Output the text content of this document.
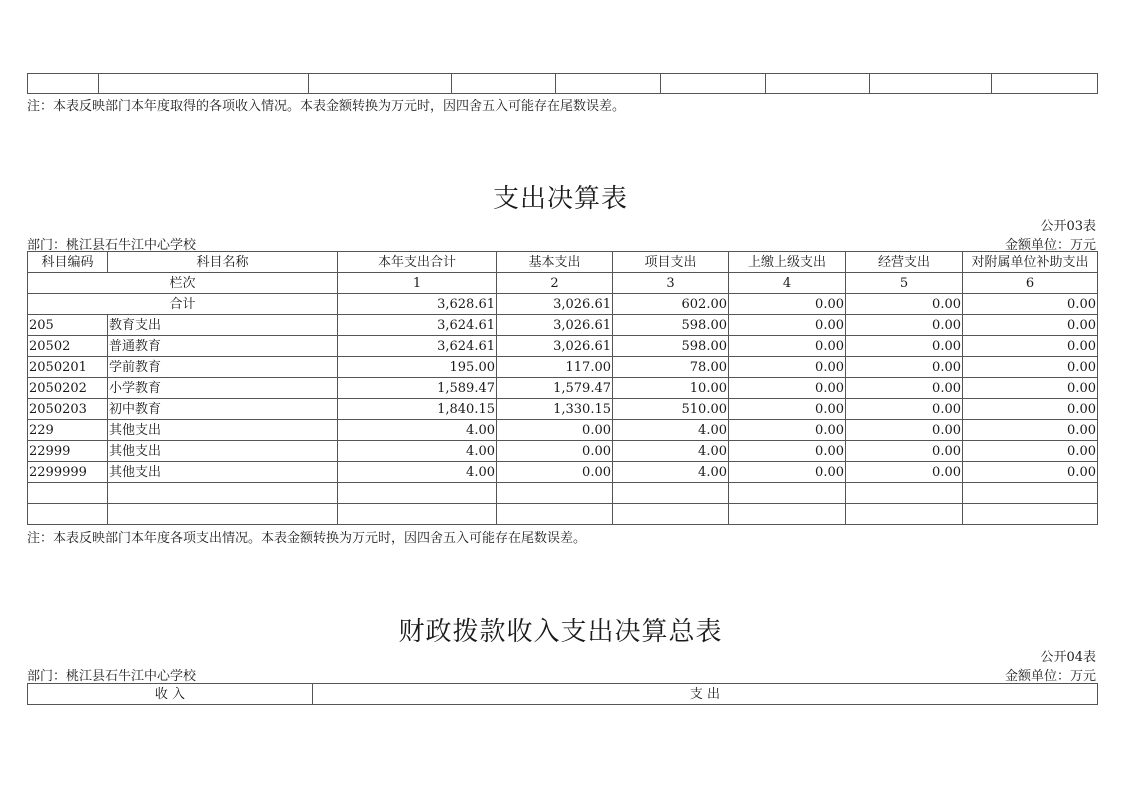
注：本表反映部门本年度取得的各项收入情况。本表金额转换为万元时，因四舍五入可能存在尾数误差。
支出决算表
公开03表
部门：桃江县石牛江中心学校	金额单位：万元
科目编码	科目名称	本年支出合计	基本支出	项目支出	上缴上级支出	经营支出	对附属单位补助支出
栏次		1	2	3	4	5	6
合计		3,628.61	3,026.61	602.00	0.00	0.00	0.00
205	教育支出	3,624.61	3,026.61	598.00	0.00	0.00	0.00
20502	普通教育	3,624.61	3,026.61	598.00	0.00	0.00	0.00
2050201	学前教育	195.00	117.00	78.00	0.00	0.00	0.00
2050202	小学教育	1,589.47	1,579.47	10.00	0.00	0.00	0.00
2050203	初中教育	1,840.15	1,330.15	510.00	0.00	0.00	0.00
229	其他支出	4.00	0.00	4.00	0.00	0.00	0.00
22999	其他支出	4.00	0.00	4.00	0.00	0.00	0.00
2299999	其他支出	4.00	0.00	4.00	0.00	0.00	0.00

注：本表反映部门本年度各项支出情况。本表金额转换为万元时，因四舍五入可能存在尾数误差。
财政拨款收入支出决算总表
公开04表
部门：桃江县石牛江中心学校	金额单位：万元
收 入	支 出
